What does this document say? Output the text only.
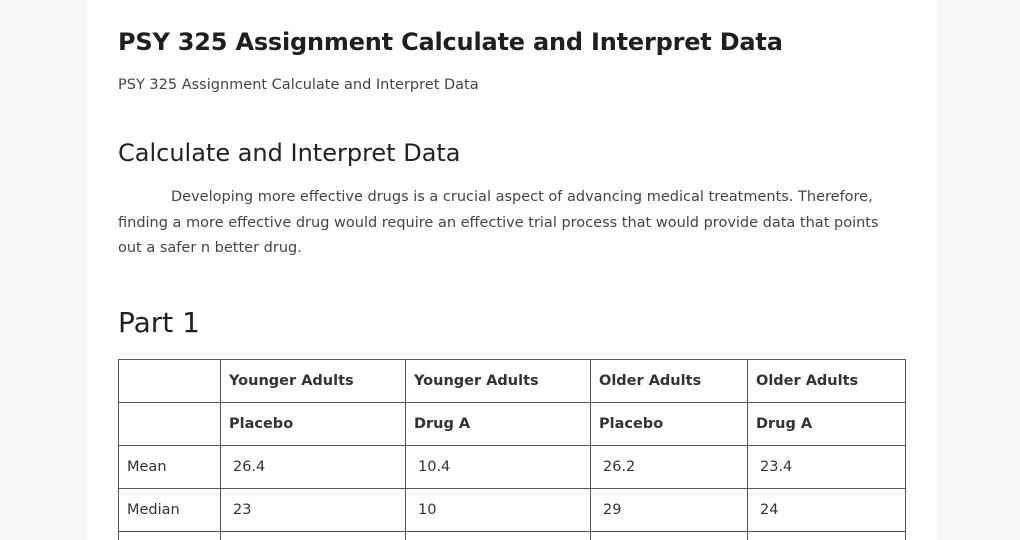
PSY 325 Assignment Calculate and Interpret Data

PSY 325 Assignment Calculate and Interpret Data

Calculate and Interpret Data

Developing more effective drugs is a crucial aspect of advancing medical treatments. Therefore, finding a more effective drug would require an effective trial process that would provide data that points out a safer n better drug.

Part 1
	Younger Adults	Younger Adults	Older Adults	Older Adults
	Placebo	Drug A	Placebo	Drug A
Mean	26.4	10.4	26.2	23.4
Median	23	10	29	24
